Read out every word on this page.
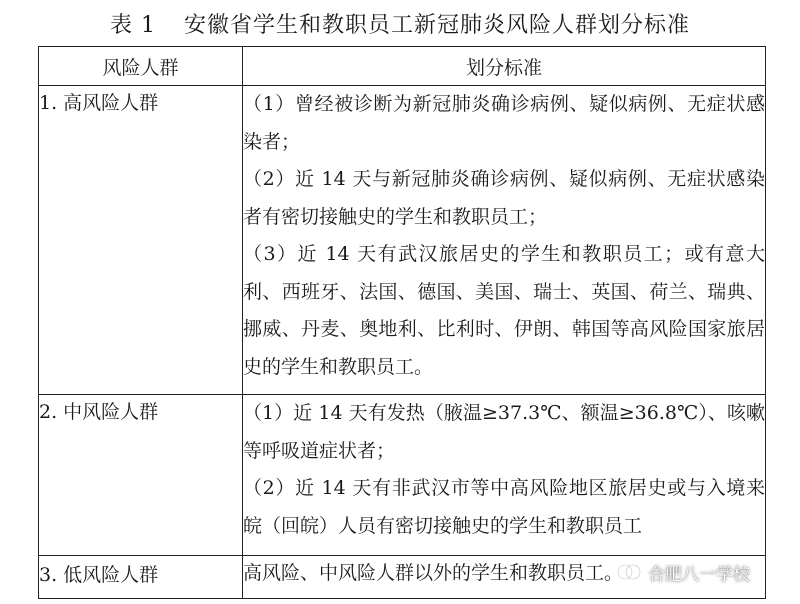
表 1 安徽省学生和教职员工新冠肺炎风险人群划分标准
风险人群	划分标准
1. 高风险人群	（1）曾经被诊断为新冠肺炎确诊病例、疑似病例、无症状感染者；
（2）近 14 天与新冠肺炎确诊病例、疑似病例、无症状感染者有密切接触史的学生和教职员工；
（3）近 14 天有武汉旅居史的学生和教职员工；或有意大利、西班牙、法国、德国、美国、瑞士、英国、荷兰、瑞典、挪威、丹麦、奥地利、比利时、伊朗、韩国等高风险国家旅居史的学生和教职员工。

2. 中风险人群	（1）近 14 天有发热（腋温≥37.3℃、额温≥36.8℃）、咳嗽等呼吸道症状者；
（2）近 14 天有非武汉市等中高风险地区旅居史或与入境来皖（回皖）人员有密切接触史的学生和教职员工

3. 低风险人群	高风险、中风险人群以外的学生和教职员工。	合肥八一学校
